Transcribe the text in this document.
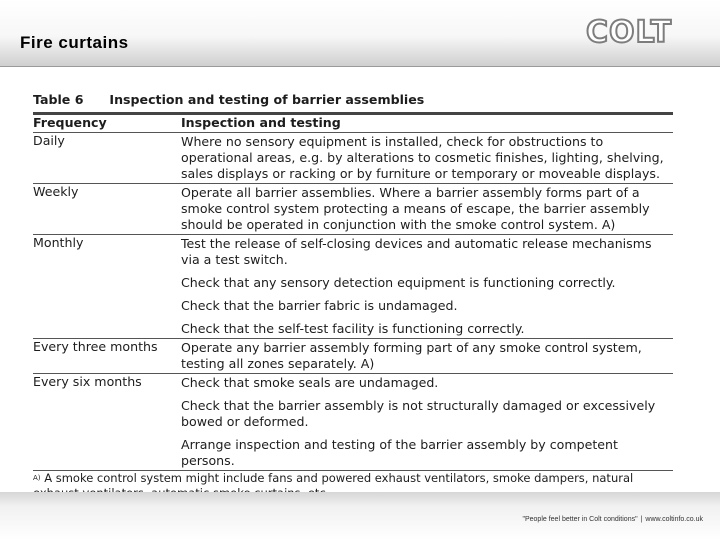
Fire curtains	COLT
Table 6 Inspection and testing of barrier assemblies
Frequency	Inspection and testing
Daily	Where no sensory equipment is installed, check for obstructions to operational areas, e.g. by alterations to cosmetic finishes, lighting, shelving, sales displays or racking or by furniture or temporary or moveable displays.

Weekly	Operate all barrier assemblies. Where a barrier assembly forms part of a smoke control system protecting a means of escape, the barrier assembly should be operated in conjunction with the smoke control system. A)

Monthly	Test the release of self-closing devices and automatic release mechanisms via a test switch.
Check that any sensory detection equipment is functioning correctly.
Check that the barrier fabric is undamaged.
Check that the self-test facility is functioning correctly.

Every three months	Operate any barrier assembly forming part of any smoke control system, testing all zones separately. A)

Every six months	Check that smoke seals are undamaged.
Check that the barrier assembly is not structurally damaged or excessively bowed or deformed.
Arrange inspection and testing of the barrier assembly by competent persons.

$^{A)}$ A smoke control system might include fans and powered exhaust ventilators, smoke dampers, natural	
"People feel better in Colt conditions" | www.coltinfo.co.uk
